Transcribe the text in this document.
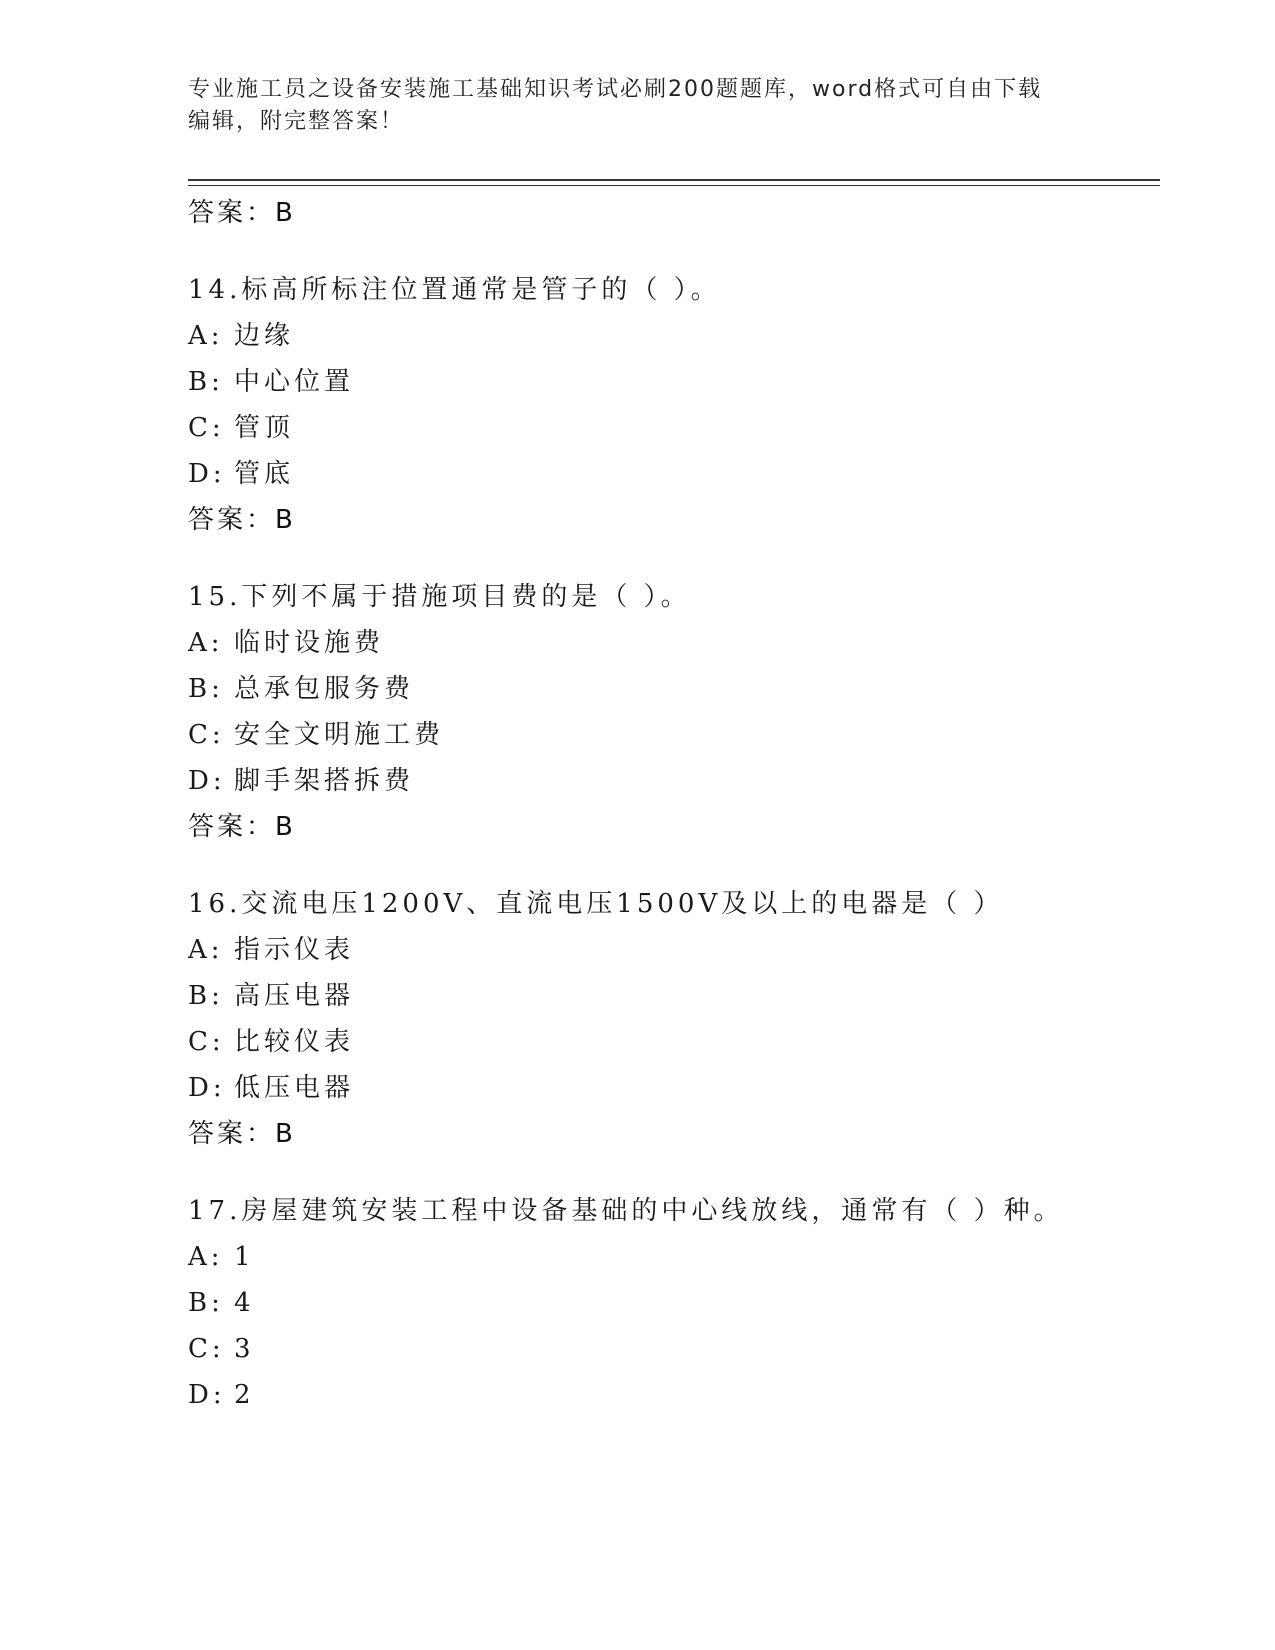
专业施工员之设备安装施工基础知识考试必刷200题题库，word格式可自由下载
编辑，附完整答案！
答案：B
14.标高所标注位置通常是管子的（ ）。
A: 边缘
B: 中心位置
C: 管顶
D: 管底
答案：B
15.下列不属于措施项目费的是（ ）。
A: 临时设施费
B: 总承包服务费
C: 安全文明施工费
D: 脚手架搭拆费
答案：B
16.交流电压1200V、直流电压1500V及以上的电器是（ ）
A: 指示仪表
B: 高压电器
C: 比较仪表
D: 低压电器
答案：B
17.房屋建筑安装工程中设备基础的中心线放线，通常有（ ）种。
A: 1
B: 4
C: 3
D: 2
